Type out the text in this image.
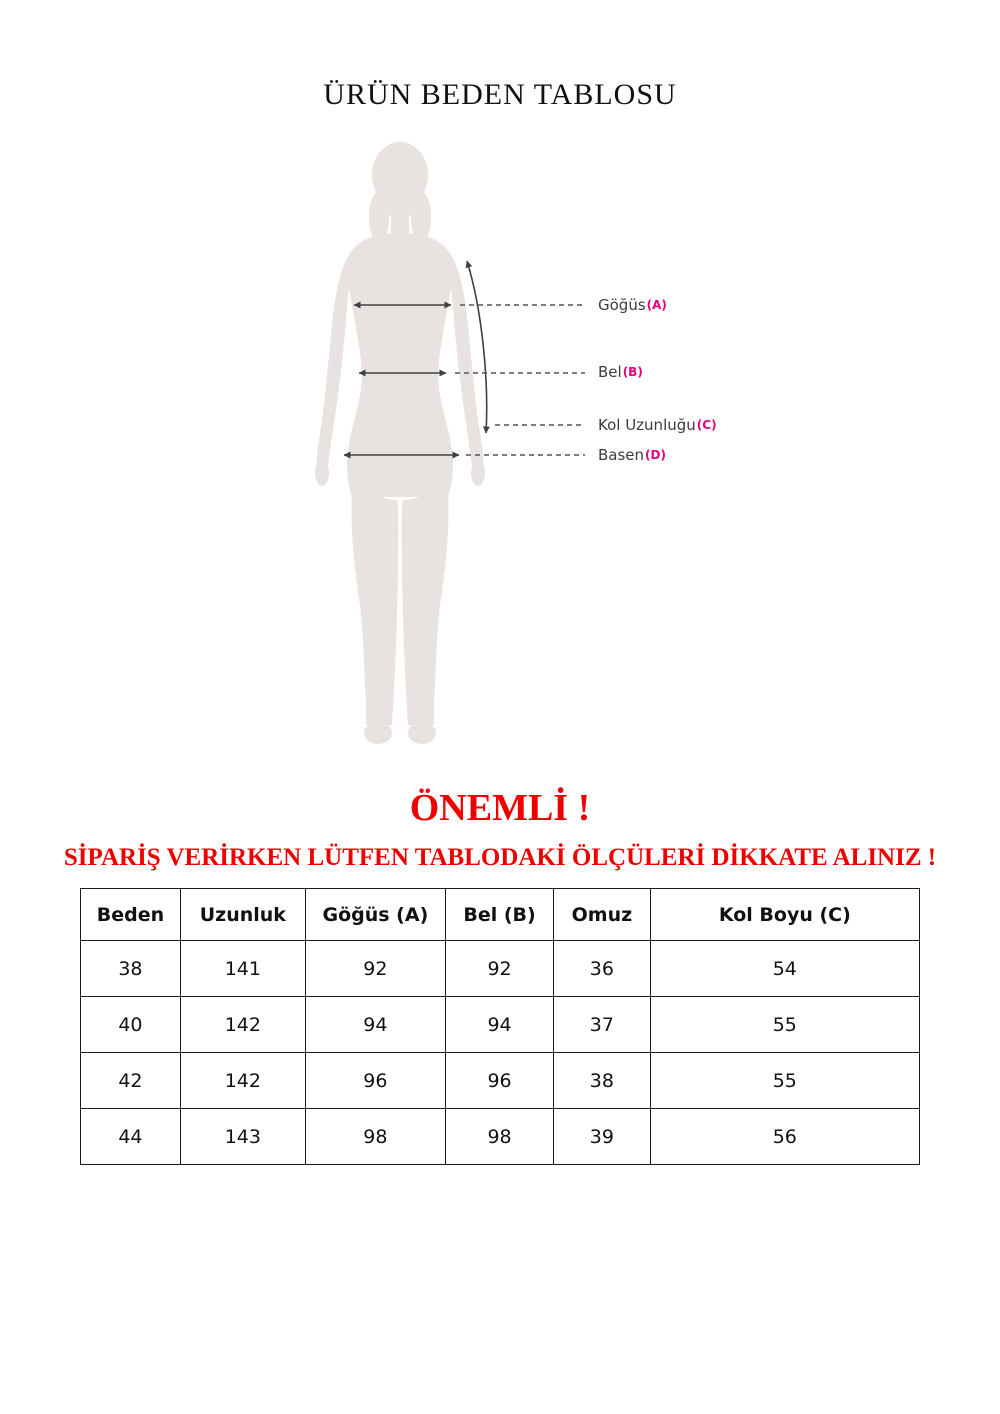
ÜRÜN BEDEN TABLOSU
Göğüs (A)
Bel (B)
Kol Uzunluğu (C)
Basen (D)
ÖNEMLİ !
SİPARİŞ VERİRKEN LÜTFEN TABLODAKİ ÖLÇÜLERİ DİKKATE ALINIZ !
Beden	Uzunluk	Göğüs (A)	Bel (B)	Omuz	Kol Boyu (C)
38	141	92	92	36	54
40	142	94	94	37	55
42	142	96	96	38	55
44	143	98	98	39	56
